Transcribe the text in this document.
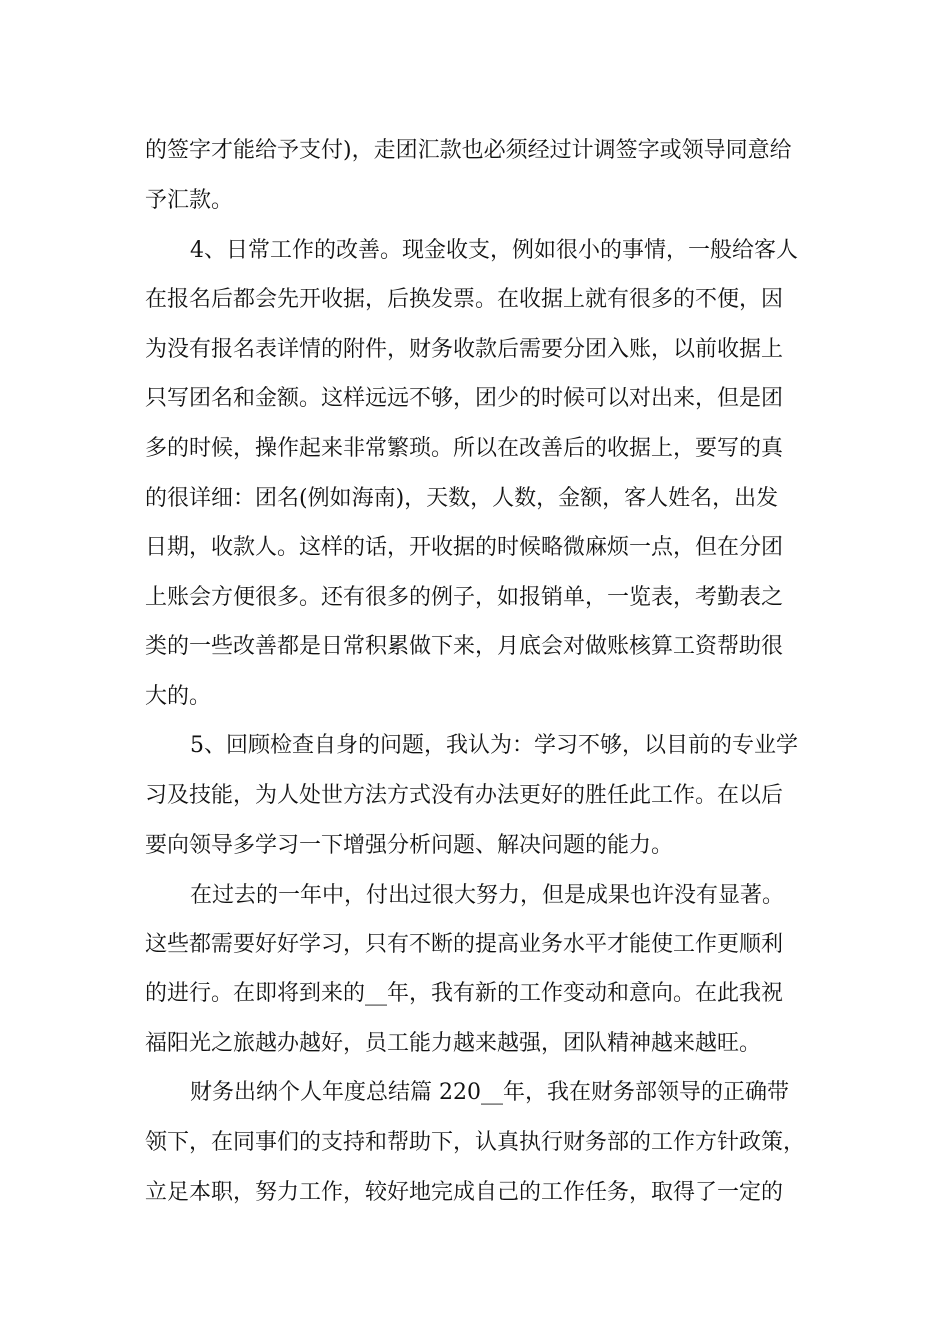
的签字才能给予支付)，走团汇款也必须经过计调签字或领导同意给
予汇款。
4、日常工作的改善。现金收支，例如很小的事情，一般给客人
在报名后都会先开收据，后换发票。在收据上就有很多的不便，因
为没有报名表详情的附件，财务收款后需要分团入账，以前收据上
只写团名和金额。这样远远不够，团少的时候可以对出来，但是团
多的时候，操作起来非常繁琐。所以在改善后的收据上，要写的真
的很详细：团名(例如海南)，天数，人数，金额，客人姓名，出发
日期，收款人。这样的话，开收据的时候略微麻烦一点，但在分团
上账会方便很多。还有很多的例子，如报销单，一览表，考勤表之
类的一些改善都是日常积累做下来，月底会对做账核算工资帮助很
大的。
5、回顾检查自身的问题，我认为：学习不够，以目前的专业学
习及技能，为人处世方法方式没有办法更好的胜任此工作。在以后
要向领导多学习一下增强分析问题、解决问题的能力。
在过去的一年中，付出过很大努力，但是成果也许没有显著。
这些都需要好好学习，只有不断的提高业务水平才能使工作更顺利
的进行。在即将到来的__年，我有新的工作变动和意向。在此我祝
福阳光之旅越办越好，员工能力越来越强，团队精神越来越旺。
财务出纳个人年度总结篇 220__年，我在财务部领导的正确带
领下，在同事们的支持和帮助下，认真执行财务部的工作方针政策，
立足本职，努力工作，较好地完成自己的工作任务，取得了一定的
